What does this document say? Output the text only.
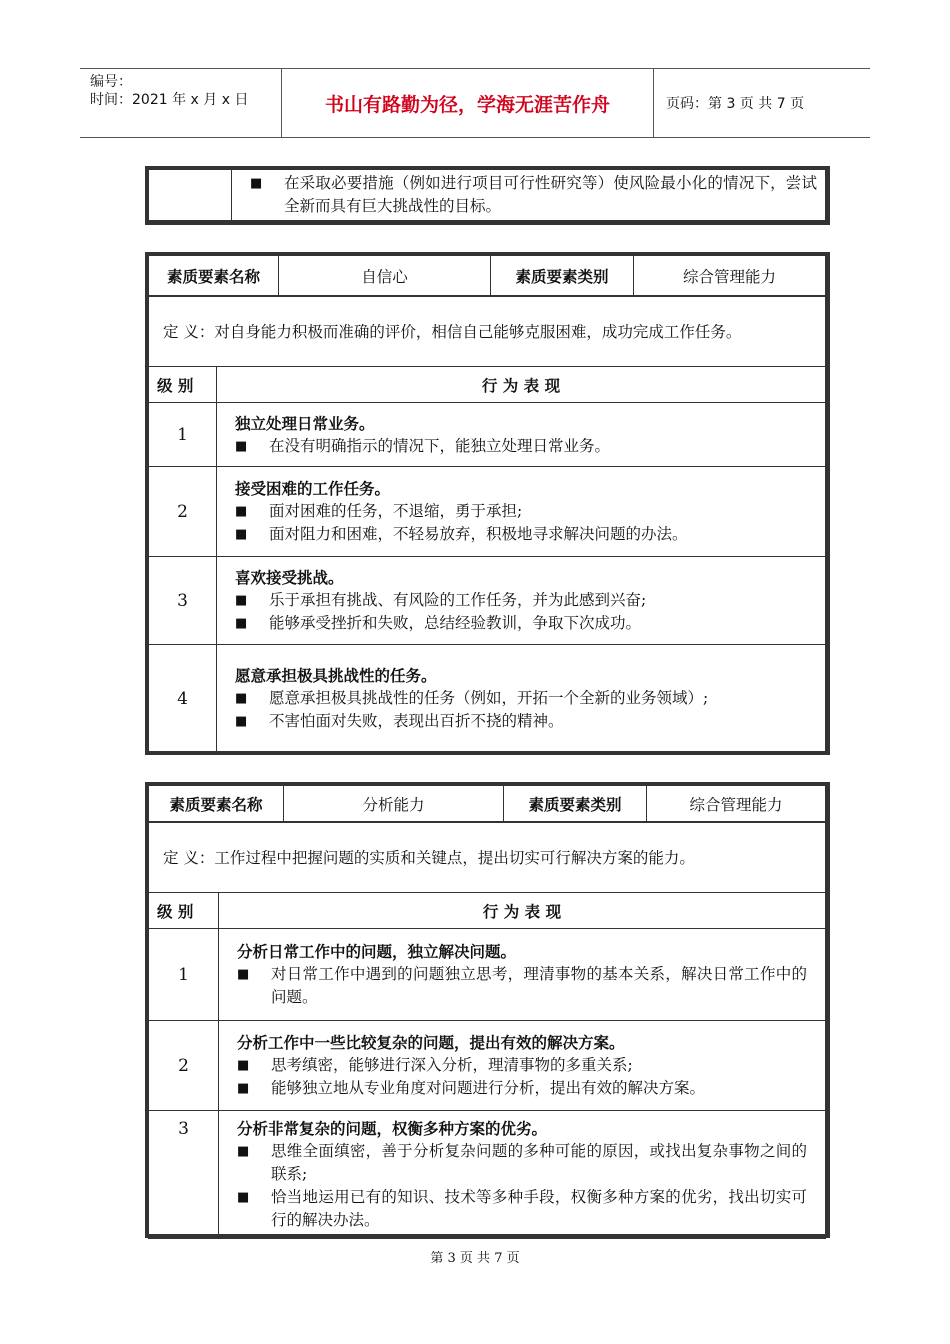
编号：
时间：2021 年 x 月 x 日	书山有路勤为径，学海无涯苦作舟	页码：第 3 页 共 7 页

■	在采取必要措施（例如进行项目可行性研究等）使风险最小化的情况下，尝试全新而具有巨大挑战性的目标。
素质要素名称	自信心	素质要素类别	综合管理能力
定 义：对自身能力积极而准确的评价，相信自己能够克服困难，成功完成工作任务。	
级 别	行 为 表 现
1	独立处理日常业务。
■ 在没有明确指示的情况下，能独立处理日常业务。

2	接受困难的工作任务。
■ 面对困难的任务，不退缩，勇于承担;
■ 面对阻力和困难，不轻易放弃，积极地寻求解决问题的办法。

3	喜欢接受挑战。
■ 乐于承担有挑战、有风险的工作任务，并为此感到兴奋;
■ 能够承受挫折和失败，总结经验教训，争取下次成功。

4	愿意承担极具挑战性的任务。
■ 愿意承担极具挑战性的任务（例如，开拓一个全新的业务领域）;
■ 不害怕面对失败，表现出百折不挠的精神。
素质要素名称	分析能力	素质要素类别	综合管理能力
定 义：工作过程中把握问题的实质和关键点，提出切实可行解决方案的能力。	
级 别	行 为 表 现
1	分析日常工作中的问题，独立解决问题。
■ 对日常工作中遇到的问题独立思考，理清事物的基本关系，解决日常工作中的问题。

2	分析工作中一些比较复杂的问题，提出有效的解决方案。
■ 思考缜密，能够进行深入分析，理清事物的多重关系;
■ 能够独立地从专业角度对问题进行分析，提出有效的解决方案。

3	分析非常复杂的问题，权衡多种方案的优劣。
■ 思维全面缜密，善于分析复杂问题的多种可能的原因，或找出复杂事物之间的联系;
■ 恰当地运用已有的知识、技术等多种手段，权衡多种方案的优劣，找出切实可行的解决办法。
第 3 页 共 7 页
